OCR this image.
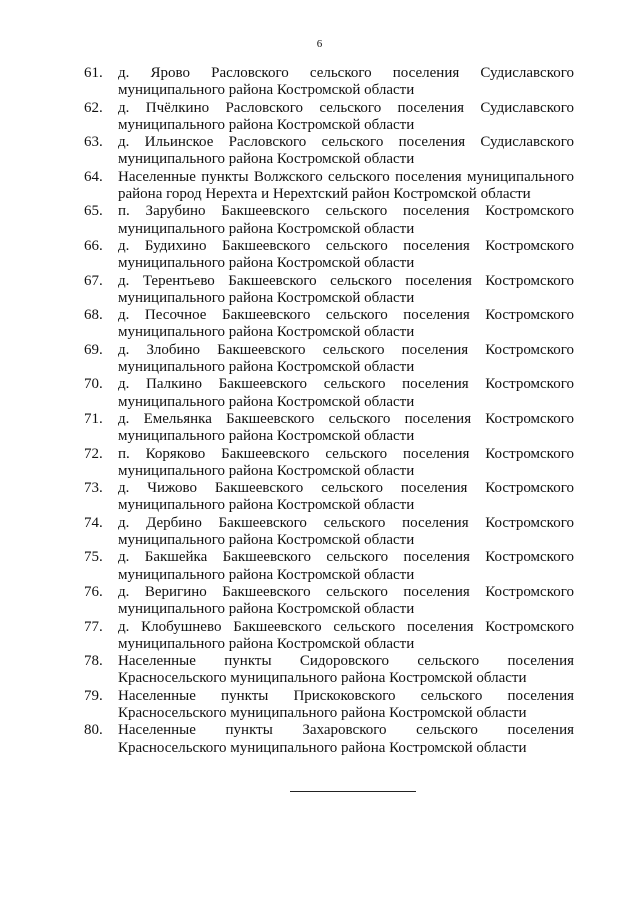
6
61.	д. Ярово Расловского сельского поселения Судиславского муниципального района Костромской области
62.	д. Пчёлкино Расловского сельского поселения Судиславского муниципального района Костромской области
63.	д. Ильинское Расловского сельского поселения Судиславского муниципального района Костромской области
64.	Населенные пункты Волжского сельского поселения муниципального района город Нерехта и Нерехтский район Костромской области
65.	п. Зарубино Бакшеевского сельского поселения Костромского муниципального района Костромской области
66.	д. Будихино Бакшеевского сельского поселения Костромского муниципального района Костромской области
67.	д. Терентьево Бакшеевского сельского поселения Костромского муниципального района Костромской области
68.	д. Песочное Бакшеевского сельского поселения Костромского муниципального района Костромской области
69.	д. Злобино Бакшеевского сельского поселения Костромского муниципального района Костромской области
70.	д. Палкино Бакшеевского сельского поселения Костромского муниципального района Костромской области
71.	д. Емельянка Бакшеевского сельского поселения Костромского муниципального района Костромской области
72.	п. Коряково Бакшеевского сельского поселения Костромского муниципального района Костромской области
73.	д. Чижово Бакшеевского сельского поселения Костромского муниципального района Костромской области
74.	д. Дербино Бакшеевского сельского поселения Костромского муниципального района Костромской области
75.	д. Бакшейка Бакшеевского сельского поселения Костромского муниципального района Костромской области
76.	д. Веригино Бакшеевского сельского поселения Костромского муниципального района Костромской области
77.	д. Клобушнево Бакшеевского сельского поселения Костромского муниципального района Костромской области
78.	Населенные пункты Сидоровского сельского поселения Красносельского муниципального района Костромской области
79.	Населенные пункты Прискоковского сельского поселения Красносельского муниципального района Костромской области
80.	Населенные пункты Захаровского сельского поселения Красносельского муниципального района Костромской области
